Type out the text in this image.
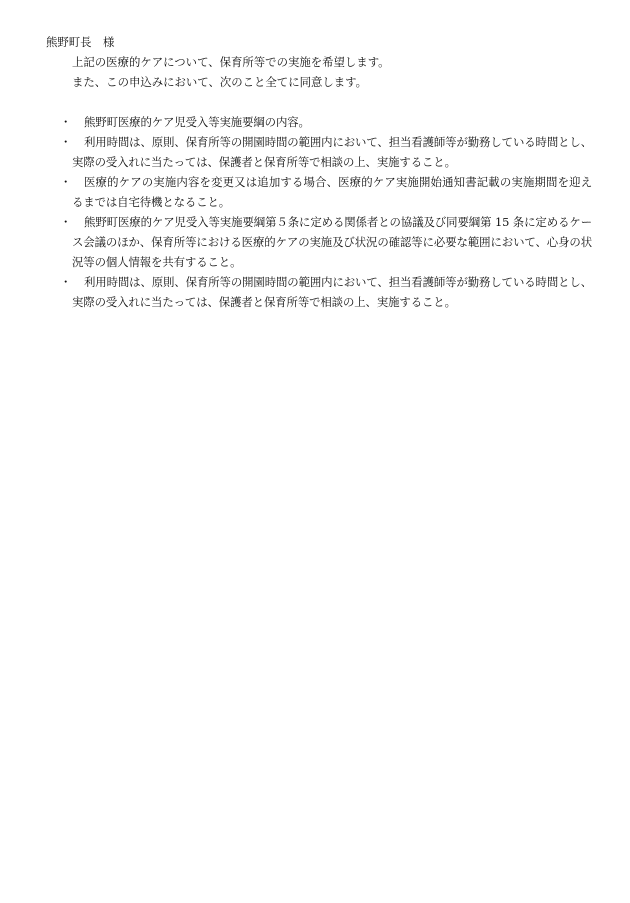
熊野町長　様

上記の医療的ケアについて、保育所等での実施を希望します。

また、この申込みにおいて、次のこと全てに同意します。

・	熊野町医療的ケア児受入等実施要綱の内容。
・	利用時間は、原則、保育所等の開園時間の範囲内において、担当看護師等が勤務している時間とし、実際の受入れに当たっては、保護者と保育所等で相談の上、実施すること。
・	医療的ケアの実施内容を変更又は追加する場合、医療的ケア実施開始通知書記載の実施期間を迎えるまでは自宅待機となること。
・	熊野町医療的ケア児受入等実施要綱第５条に定める関係者との協議及び同要綱第 15 条に定めるケース会議のほか、保育所等における医療的ケアの実施及び状況の確認等に必要な範囲において、心身の状況等の個人情報を共有すること。
・	利用時間は、原則、保育所等の開園時間の範囲内において、担当看護師等が勤務している時間とし、実際の受入れに当たっては、保護者と保育所等で相談の上、実施すること。
